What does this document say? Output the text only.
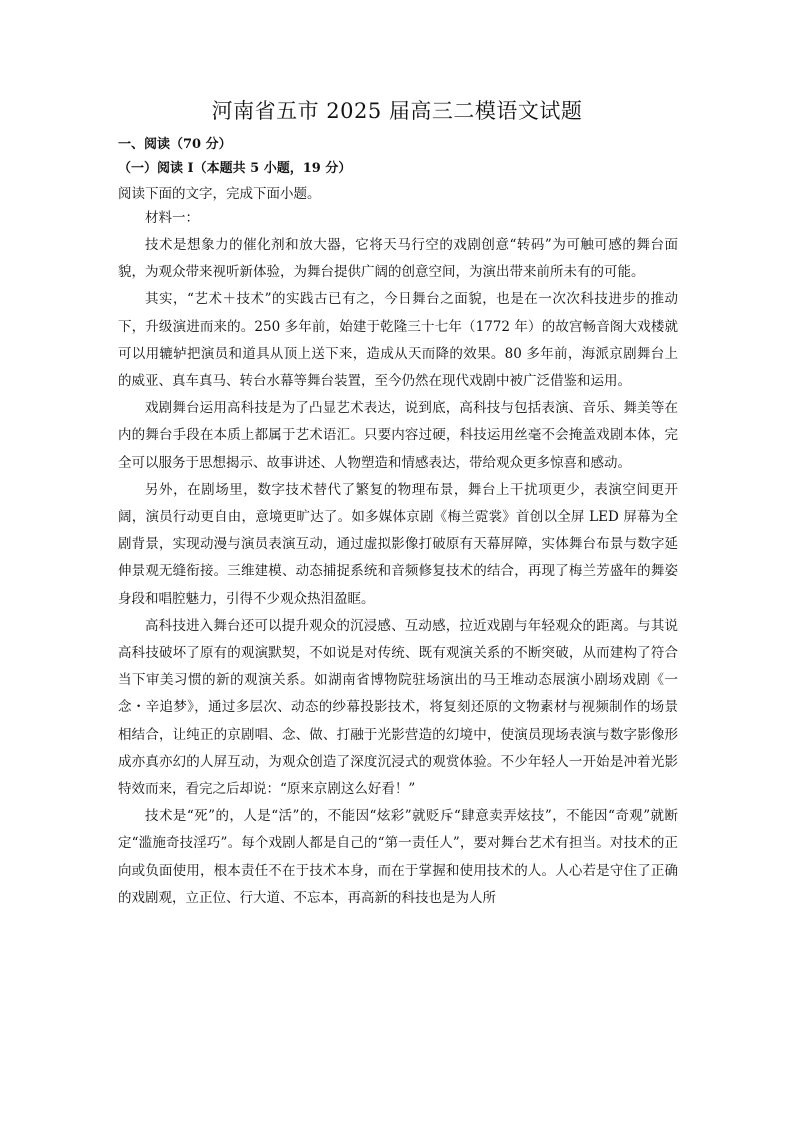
河南省五市 2025 届高三二模语文试题
一、阅读（70 分）
（一）阅读 I（本题共 5 小题，19 分）
阅读下面的文字，完成下面小题。
材料一：

技术是想象力的催化剂和放大器，它将天马行空的戏剧创意“转码”为可触可感的舞台面貌，为观众带来视听新体验，为舞台提供广阔的创意空间，为演出带来前所未有的可能。

其实，“艺术＋技术”的实践古已有之，今日舞台之面貌，也是在一次次科技进步的推动下，升级演进而来的。250 多年前，始建于乾隆三十七年（1772 年）的故宫畅音阁大戏楼就可以用辘轳把演员和道具从顶上送下来，造成从天而降的效果。80 多年前，海派京剧舞台上的威亚、真车真马、转台水幕等舞台装置，至今仍然在现代戏剧中被广泛借鉴和运用。

戏剧舞台运用高科技是为了凸显艺术表达，说到底，高科技与包括表演、音乐、舞美等在内的舞台手段在本质上都属于艺术语汇。只要内容过硬，科技运用丝毫不会掩盖戏剧本体，完全可以服务于思想揭示、故事讲述、人物塑造和情感表达，带给观众更多惊喜和感动。

另外，在剧场里，数字技术替代了繁复的物理布景，舞台上干扰项更少，表演空间更开阔，演员行动更自由，意境更旷达了。如多媒体京剧《梅兰霓裳》首创以全屏 LED 屏幕为全剧背景，实现动漫与演员表演互动，通过虚拟影像打破原有天幕屏障，实体舞台布景与数字延伸景观无缝衔接。三维建模、动态捕捉系统和音频修复技术的结合，再现了梅兰芳盛年的舞姿身段和唱腔魅力，引得不少观众热泪盈眶。

高科技进入舞台还可以提升观众的沉浸感、互动感，拉近戏剧与年轻观众的距离。与其说高科技破坏了原有的观演默契，不如说是对传统、既有观演关系的不断突破，从而建构了符合当下审美习惯的新的观演关系。如湖南省博物院驻场演出的马王堆动态展演小剧场戏剧《一念・辛追梦》，通过多层次、动态的纱幕投影技术，将复刻还原的文物素材与视频制作的场景相结合，让纯正的京剧唱、念、做、打融于光影营造的幻境中，使演员现场表演与数字影像形成亦真亦幻的人屏互动，为观众创造了深度沉浸式的观赏体验。不少年轻人一开始是冲着光影特效而来，看完之后却说：“原来京剧这么好看！”

技术是“死”的，人是“活”的，不能因“炫彩”就贬斥“肆意卖弄炫技”，不能因“奇观”就断定“滥施奇技淫巧”。每个戏剧人都是自己的“第一责任人”，要对舞台艺术有担当。对技术的正向或负面使用，根本责任不在于技术本身，而在于掌握和使用技术的人。人心若是守住了正确的戏剧观，立正位、行大道、不忘本，再高新的科技也是为人所
